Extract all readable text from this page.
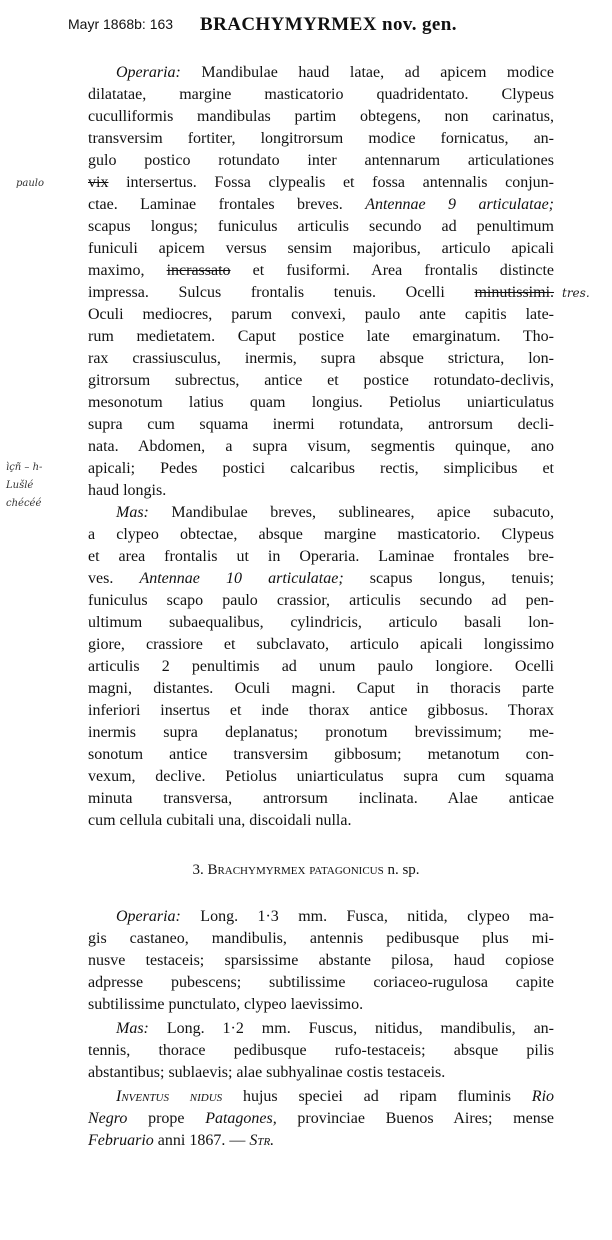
Mayr 1868b: 163 BRACHYMYRMEX nov. gen.
Operaria: Mandibulae haud latae, ad apicem modice
dilatatae, margine masticatorio quadridentato. Clypeus
cuculliformis mandibulas partim obtegens, non carinatus,
transversim fortiter, longitrorsum modice fornicatus, an-
gulo postico rotundato inter antennarum articulationes
vix intersertus. Fossa clypealis et fossa antennalis conjun-
ctae. Laminae frontales breves. Antennae 9 articulatae;
scapus longus; funiculus articulis secundo ad penultimum
funiculi apicem versus sensim majoribus, articulo apicali
maximo, incrassato et fusiformi. Area frontalis distincte
impressa. Sulcus frontalis tenuis. Ocelli minutissimi.
Oculi mediocres, parum convexi, paulo ante capitis late-
rum medietatem. Caput postice late emarginatum. Tho-
rax crassiusculus, inermis, supra absque strictura, lon-
gitrorsum subrectus, antice et postice rotundato-declivis,
mesonotum latius quam longius. Petiolus uniarticulatus
supra cum squama inermi rotundata, antrorsum decli-
nata. Abdomen, a supra visum, segmentis quinque, ano
apicali; Pedes postici calcaribus rectis, simplicibus et
haud longis.
Mas: Mandibulae breves, sublineares, apice subacuto,
a clypeo obtectae, absque margine masticatorio. Clypeus
et area frontalis ut in Operaria. Laminae frontales bre-
ves. Antennae 10 articulatae; scapus longus, tenuis;
funiculus scapo paulo crassior, articulis secundo ad pen-
ultimum subaequalibus, cylindricis, articulo basali lon-
giore, crassiore et subclavato, articulo apicali longissimo
articulis 2 penultimis ad unum paulo longiore. Ocelli
magni, distantes. Oculi magni. Caput in thoracis parte
inferiori insertus et inde thorax antice gibbosus. Thorax
inermis supra deplanatus; pronotum brevissimum; me-
sonotum antice transversim gibbosum; metanotum con-
vexum, declive. Petiolus uniarticulatus supra cum squama
minuta transversa, antrorsum inclinata. Alae anticae
cum cellula cubitali una, discoidali nulla.
3. Brachymyrmex patagonicus n. sp.
Operaria: Long. 1·3 mm. Fusca, nitida, clypeo ma-
gis castaneo, mandibulis, antennis pedibusque plus mi-
nusve testaceis; sparsissime abstante pilosa, haud copiose
adpresse pubescens; subtilissime coriaceo-rugulosa capite
subtilissime punctulato, clypeo laevissimo.
Mas: Long. 1·2 mm. Fuscus, nitidus, mandibulis, an-
tennis, thorace pedibusque rufo-testaceis; absque pilis
abstantibus; sublaevis; alae subhyalinae costis testaceis.
Inventus nidus hujus speciei ad ripam fluminis Rio
Negro prope Patagones, provinciae Buenos Aires; mense
Februario anni 1867. — Str.
paulo
tres.
ìçñ – h-
Lušlé
chécéé
